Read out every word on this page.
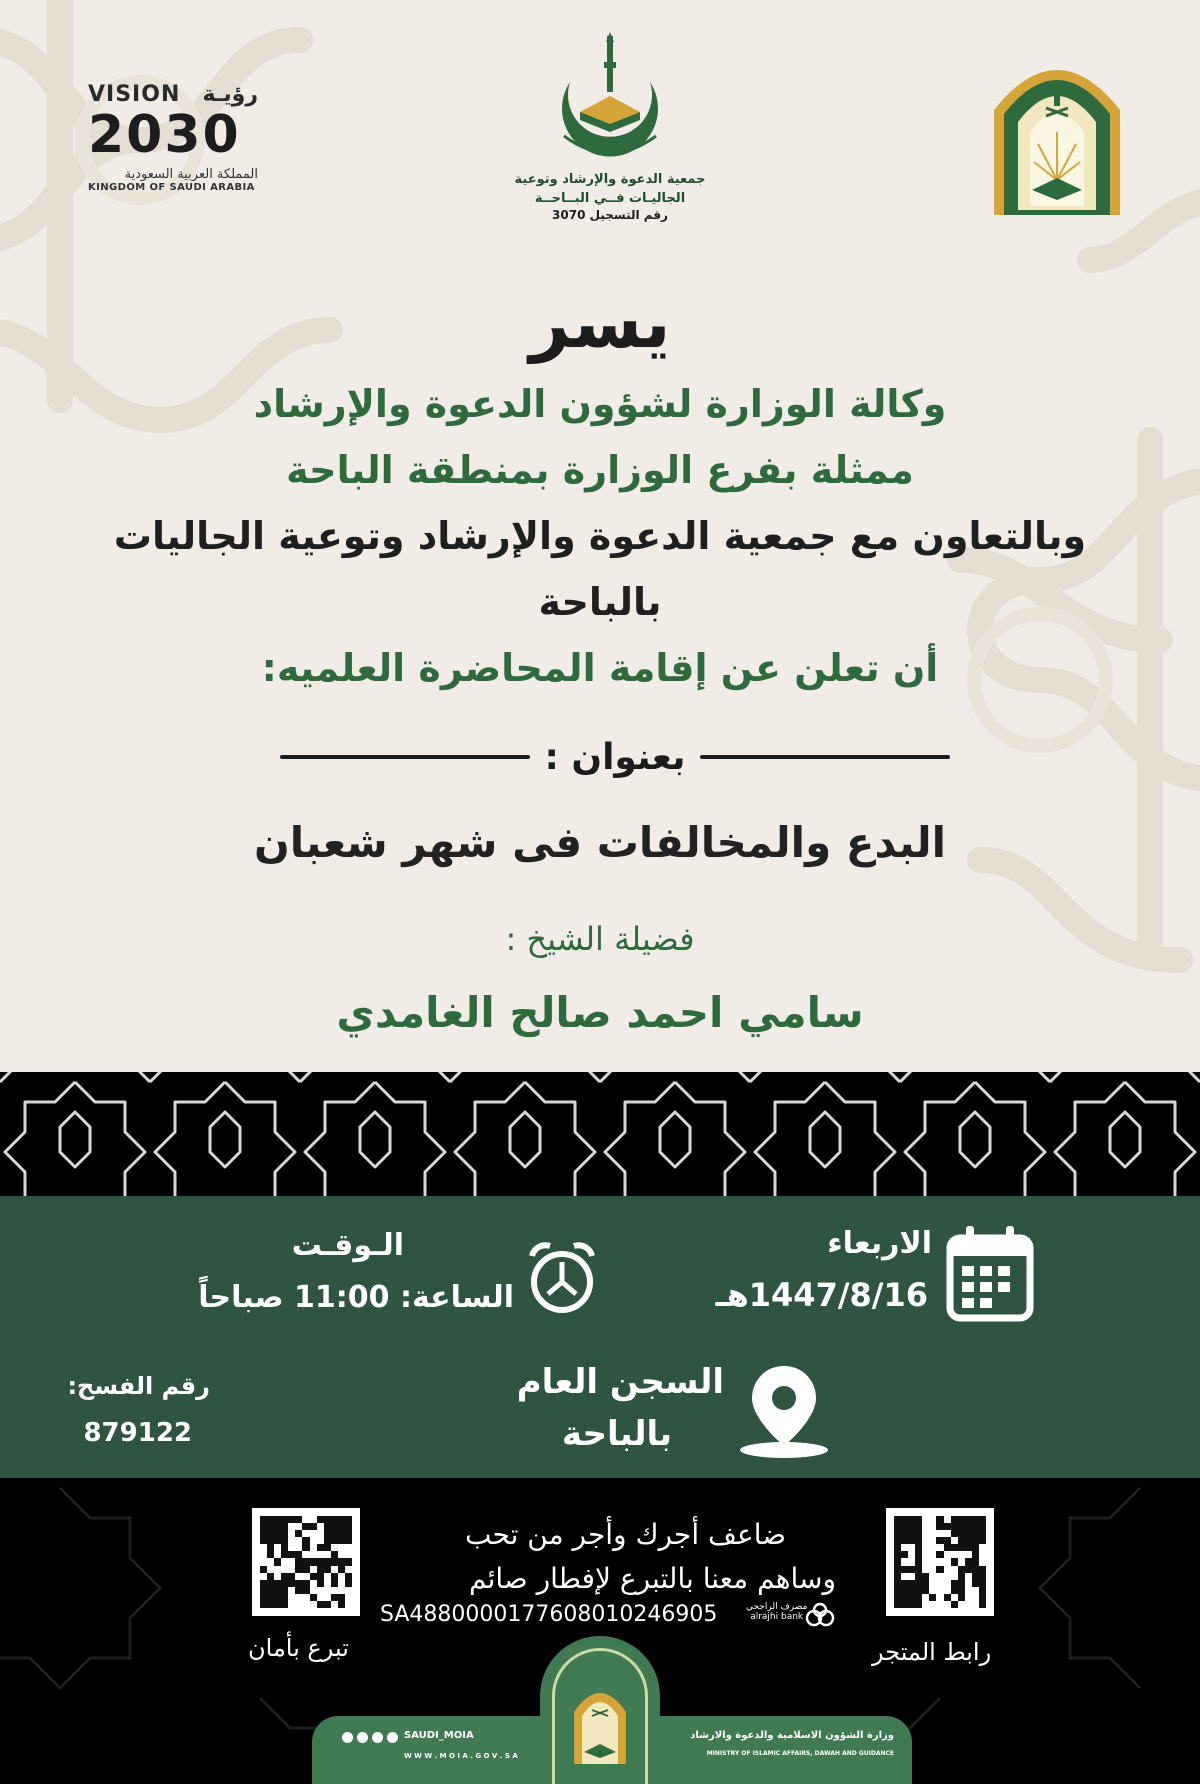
VISION رؤيـة
2030
المملكة العربية السعودية
KINGDOM OF SAUDI ARABIA
جمعية الدعوة والإرشاد وتوعية
الجاليـات فــي البــاحــة
رقم التسجيل 3070
يسر
وكالة الوزارة لشؤون الدعوة والإرشاد
ممثلة بفرع الوزارة بمنطقة الباحة
وبالتعاون مع جمعية الدعوة والإرشاد وتوعية الجاليات
بالباحة
أن تعلن عن إقامة المحاضرة العلميه:
بعنوان :
البدع والمخالفات فى شهر شعبان
فضيلة الشيخ :
سامي احمد صالح الغامدي
الاربعاء
1447/8/16هـ
الـوقـت
الساعة: 11:00 صباحاً
السجن العام
بالباحة
رقم الفسح:
879122
تبرع بأمان	رابط المتجر
ضاعف أجرك وأجر من تحب
وساهم معنا بالتبرع لإفطار صائم
SA4880000177608010246905	مصرف الراجحي
alrajhi bank
SAUDI_MOIA
W W W . M O I A . G O V . S A
وزارة الشؤون الاسلامية والدعوة والارشاد
MINISTRY OF ISLAMIC AFFAIRS, DAWAH AND GUIDANCE
